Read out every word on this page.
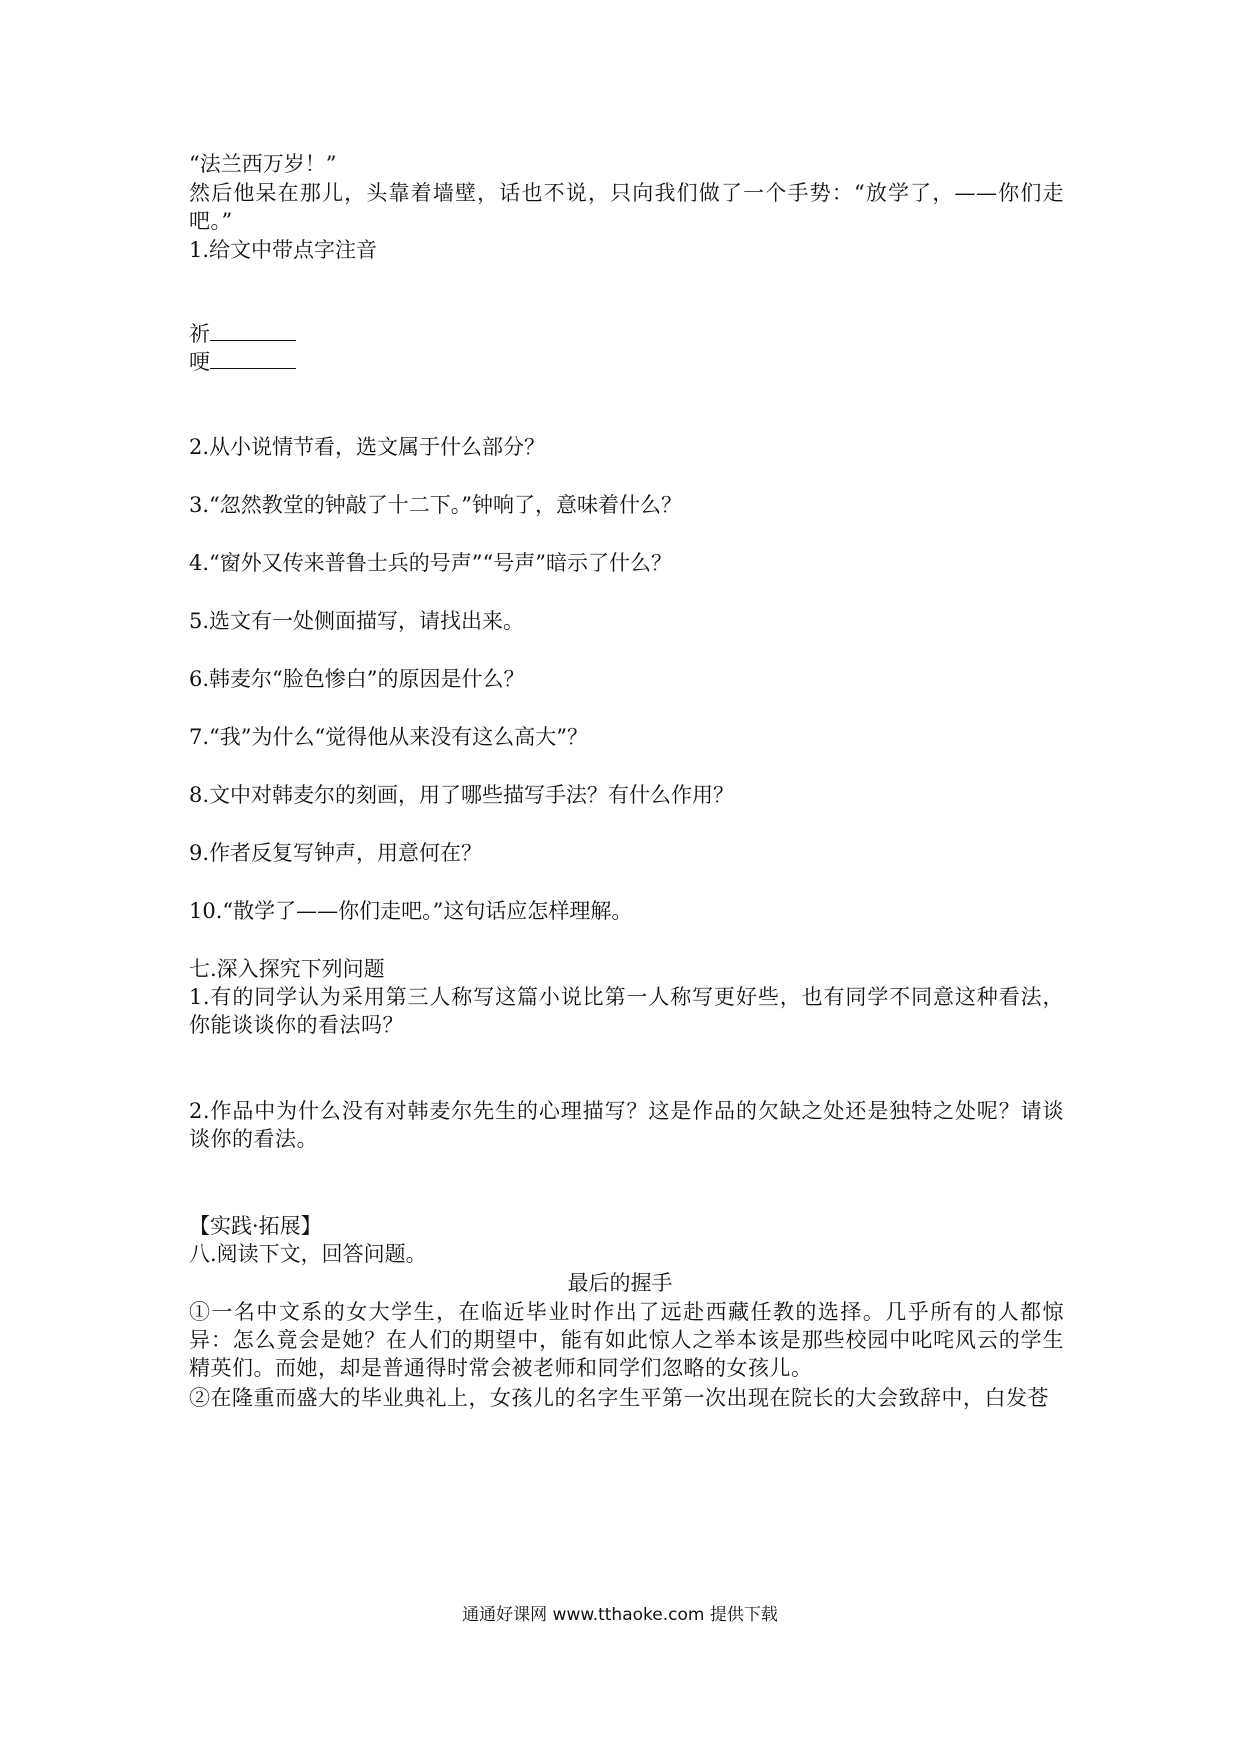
“法兰西万岁！”
然后他呆在那儿，头靠着墙壁，话也不说，只向我们做了一个手势：“放学了，——你们走吧。”
1.给文中带点字注音
祈
哽
2.从小说情节看，选文属于什么部分？
3.“忽然教堂的钟敲了十二下。”钟响了，意味着什么？
4.“窗外又传来普鲁士兵的号声”“号声”暗示了什么？
5.选文有一处侧面描写，请找出来。
6.韩麦尔“脸色惨白”的原因是什么？
7.“我”为什么“觉得他从来没有这么高大”？
8.文中对韩麦尔的刻画，用了哪些描写手法？有什么作用？
9.作者反复写钟声，用意何在？
10.“散学了——你们走吧。”这句话应怎样理解。
七.深入探究下列问题
1.有的同学认为采用第三人称写这篇小说比第一人称写更好些，也有同学不同意这种看法，你能谈谈你的看法吗？
2.作品中为什么没有对韩麦尔先生的心理描写？这是作品的欠缺之处还是独特之处呢？请谈谈你的看法。
【实践·拓展】
八.阅读下文，回答问题。
最后的握手
①一名中文系的女大学生，在临近毕业时作出了远赴西藏任教的选择。几乎所有的人都惊异：怎么竟会是她？在人们的期望中，能有如此惊人之举本该是那些校园中叱咤风云的学生精英们。而她，却是普通得时常会被老师和同学们忽略的女孩儿。
②在隆重而盛大的毕业典礼上，女孩儿的名字生平第一次出现在院长的大会致辞中，白发苍
通通好课网 www.tthaoke.com 提供下载
